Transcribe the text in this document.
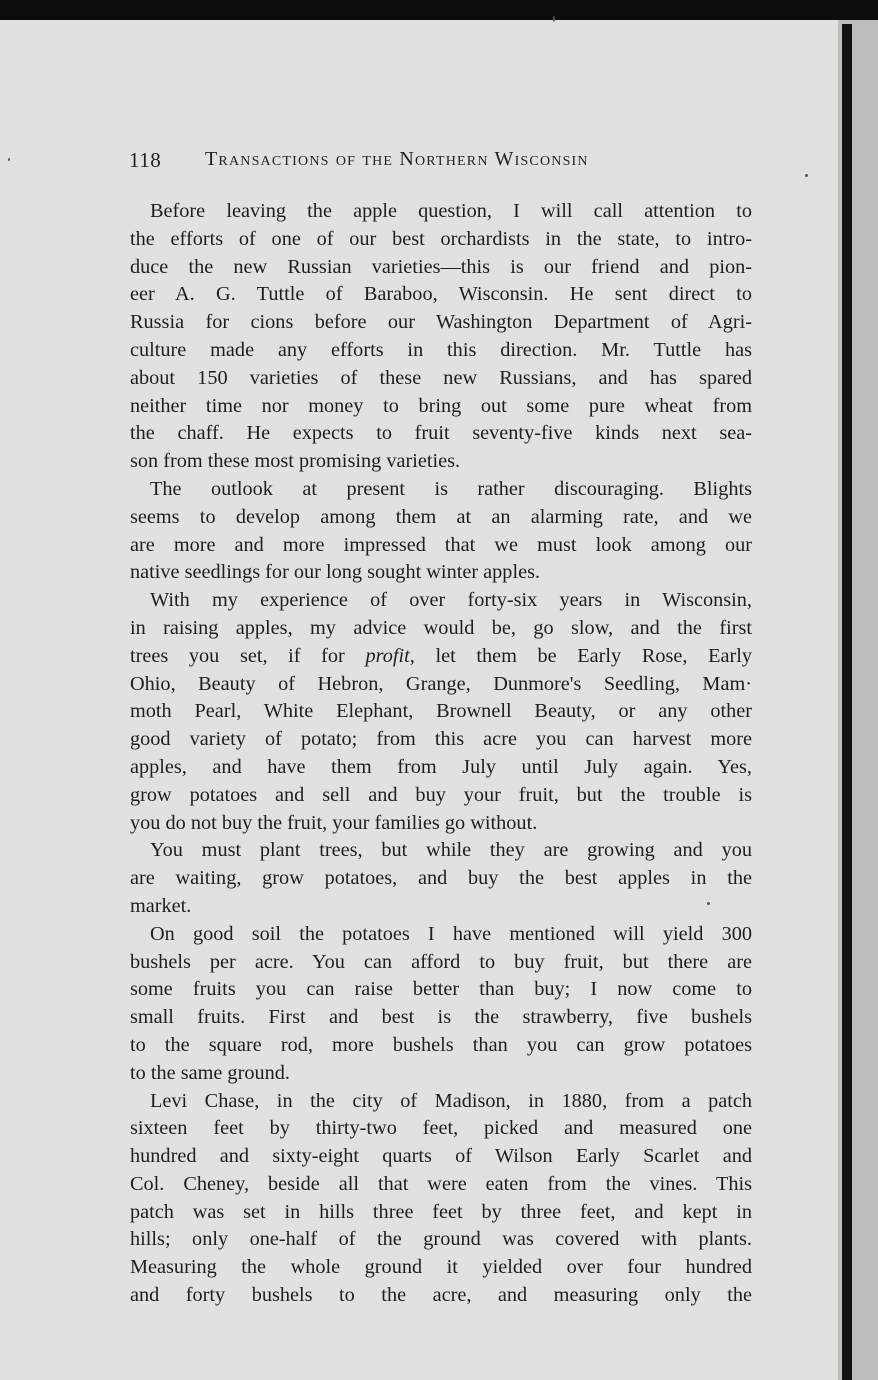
118 Transactions of the Northern Wisconsin

Before leaving the apple question, I will call attention to
the efforts of one of our best orchardists in the state, to intro-
duce the new Russian varieties—this is our friend and pion-
eer A. G. Tuttle of Baraboo, Wisconsin. He sent direct to
Russia for cions before our Washington Department of Agri-
culture made any efforts in this direction. Mr. Tuttle has
about 150 varieties of these new Russians, and has spared
neither time nor money to bring out some pure wheat from
the chaff. He expects to fruit seventy-five kinds next sea-
son from these most promising varieties.

The outlook at present is rather discouraging. Blights
seems to develop among them at an alarming rate, and we
are more and more impressed that we must look among our
native seedlings for our long sought winter apples.

With my experience of over forty-six years in Wisconsin,
in raising apples, my advice would be, go slow, and the first
trees you set, if for profit, let them be Early Rose, Early
Ohio, Beauty of Hebron, Grange, Dunmore's Seedling, Mam·
moth Pearl, White Elephant, Brownell Beauty, or any other
good variety of potato; from this acre you can harvest more
apples, and have them from July until July again. Yes,
grow potatoes and sell and buy your fruit, but the trouble is
you do not buy the fruit, your families go without.

You must plant trees, but while they are growing and you
are waiting, grow potatoes, and buy the best apples in the
market.

On good soil the potatoes I have mentioned will yield 300
bushels per acre. You can afford to buy fruit, but there are
some fruits you can raise better than buy; I now come to
small fruits. First and best is the strawberry, five bushels
to the square rod, more bushels than you can grow potatoes
to the same ground.

Levi Chase, in the city of Madison, in 1880, from a patch
sixteen feet by thirty-two feet, picked and measured one
hundred and sixty-eight quarts of Wilson Early Scarlet and
Col. Cheney, beside all that were eaten from the vines. This
patch was set in hills three feet by three feet, and kept in
hills; only one-half of the ground was covered with plants.
Measuring the whole ground it yielded over four hundred
and forty bushels to the acre, and measuring only the
